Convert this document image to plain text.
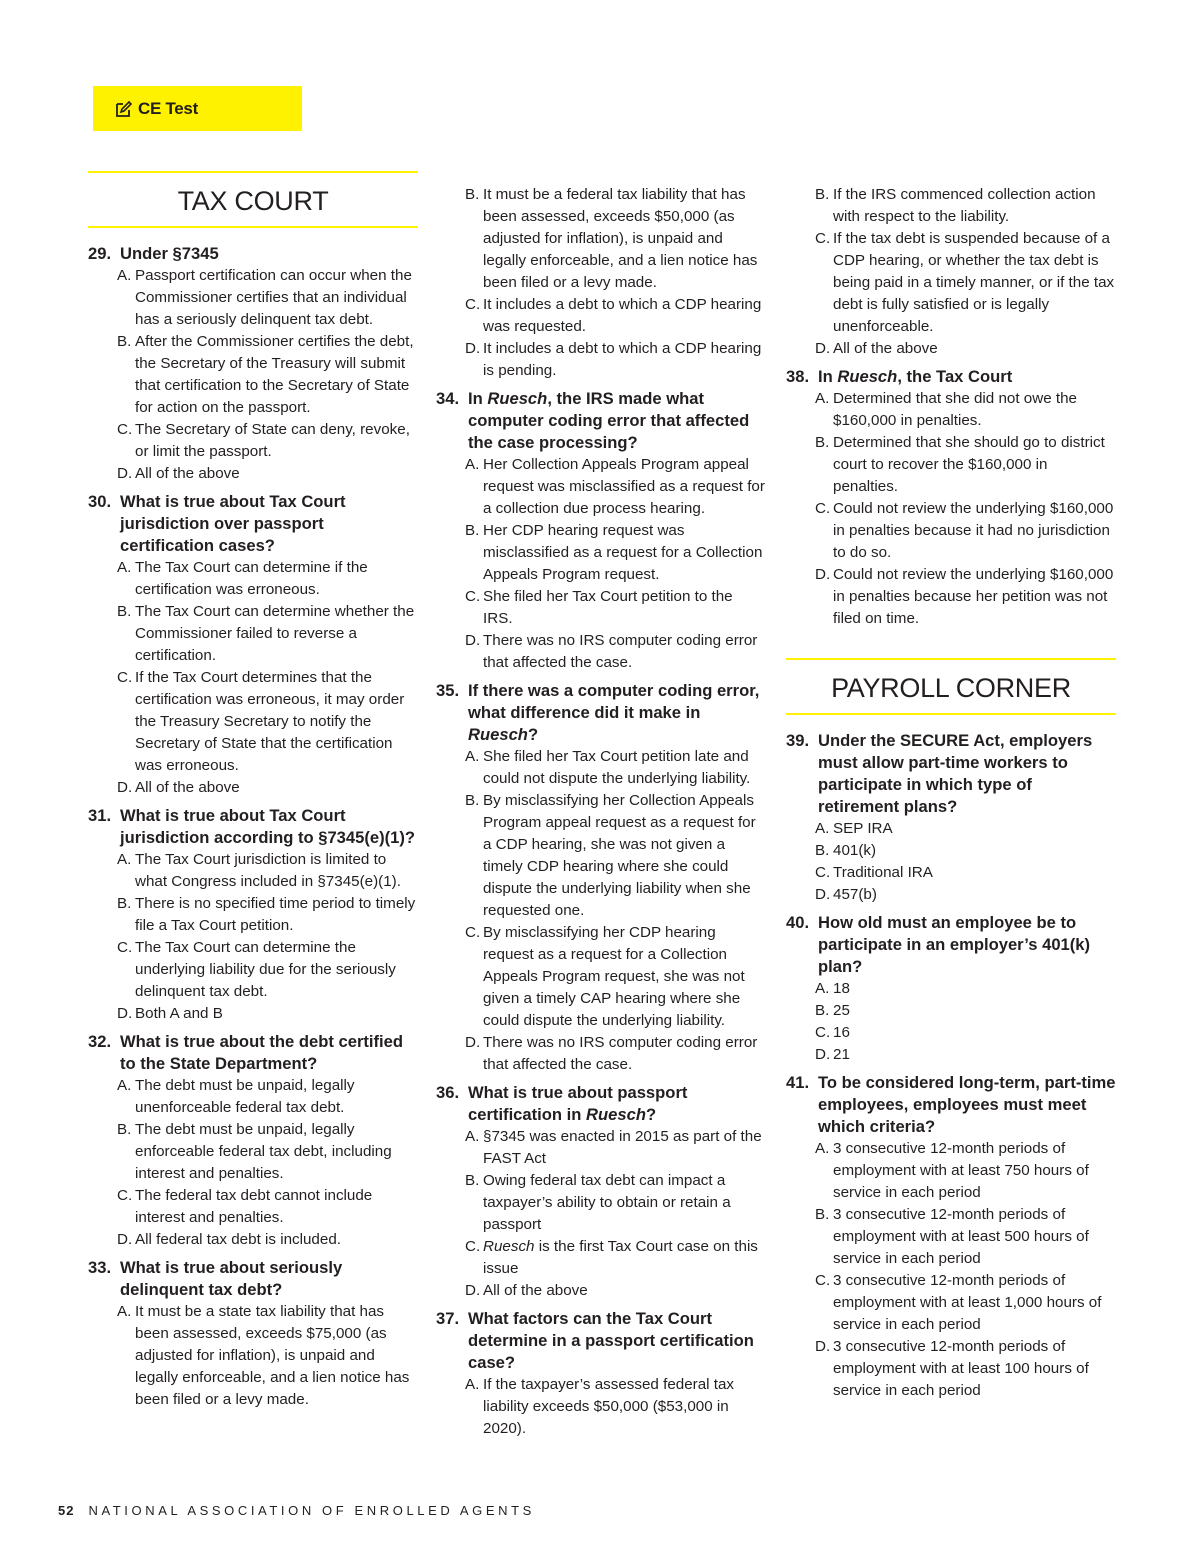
CE Test
TAX COURT
29. Under §7345
A. Passport certification can occur when the Commissioner certifies that an individual has a seriously delinquent tax debt.
B. After the Commissioner certifies the debt, the Secretary of the Treasury will submit that certification to the Secretary of State for action on the passport.
C. The Secretary of State can deny, revoke, or limit the passport.
D. All of the above
30. What is true about Tax Court jurisdiction over passport certification cases?
A. The Tax Court can determine if the certification was erroneous.
B. The Tax Court can determine whether the Commissioner failed to reverse a certification.
C. If the Tax Court determines that the certification was erroneous, it may order the Treasury Secretary to notify the Secretary of State that the certification was erroneous.
D. All of the above
31. What is true about Tax Court jurisdiction according to §7345(e)(1)?
A. The Tax Court jurisdiction is limited to what Congress included in §7345(e)(1).
B. There is no specified time period to timely file a Tax Court petition.
C. The Tax Court can determine the underlying liability due for the seriously delinquent tax debt.
D. Both A and B
32. What is true about the debt certified to the State Department?
A. The debt must be unpaid, legally unenforceable federal tax debt.
B. The debt must be unpaid, legally enforceable federal tax debt, including interest and penalties.
C. The federal tax debt cannot include interest and penalties.
D. All federal tax debt is included.
33. What is true about seriously delinquent tax debt?
A. It must be a state tax liability that has been assessed, exceeds $75,000 (as adjusted for inflation), is unpaid and legally enforceable, and a lien notice has been filed or a levy made.
B. It must be a federal tax liability that has been assessed, exceeds $50,000 (as adjusted for inflation), is unpaid and legally enforceable, and a lien notice has been filed or a levy made.
C. It includes a debt to which a CDP hearing was requested.
D. It includes a debt to which a CDP hearing is pending.
34. In Ruesch, the IRS made what computer coding error that affected the case processing?
A. Her Collection Appeals Program appeal request was misclassified as a request for a collection due process hearing.
B. Her CDP hearing request was misclassified as a request for a Collection Appeals Program request.
C. She filed her Tax Court petition to the IRS.
D. There was no IRS computer coding error that affected the case.
35. If there was a computer coding error, what difference did it make in Ruesch?
A. She filed her Tax Court petition late and could not dispute the underlying liability.
B. By misclassifying her Collection Appeals Program appeal request as a request for a CDP hearing, she was not given a timely CDP hearing where she could dispute the underlying liability when she requested one.
C. By misclassifying her CDP hearing request as a request for a Collection Appeals Program request, she was not given a timely CAP hearing where she could dispute the underlying liability.
D. There was no IRS computer coding error that affected the case.
36. What is true about passport certification in Ruesch?
A. §7345 was enacted in 2015 as part of the FAST Act
B. Owing federal tax debt can impact a taxpayer’s ability to obtain or retain a passport
C. Ruesch is the first Tax Court case on this issue
D. All of the above
37. What factors can the Tax Court determine in a passport certification case?
A. If the taxpayer’s assessed federal tax liability exceeds $50,000 ($53,000 in 2020).
B. If the IRS commenced collection action with respect to the liability.
C. If the tax debt is suspended because of a CDP hearing, or whether the tax debt is being paid in a timely manner, or if the tax debt is fully satisfied or is legally unenforceable.
D. All of the above
38. In Ruesch, the Tax Court
A. Determined that she did not owe the $160,000 in penalties.
B. Determined that she should go to district court to recover the $160,000 in penalties.
C. Could not review the underlying $160,000 in penalties because it had no jurisdiction to do so.
D. Could not review the underlying $160,000 in penalties because her petition was not filed on time.
PAYROLL CORNER
39. Under the SECURE Act, employers must allow part-time workers to participate in which type of retirement plans?
A. SEP IRA
B. 401(k)
C. Traditional IRA
D. 457(b)
40. How old must an employee be to participate in an employer’s 401(k) plan?
A. 18
B. 25
C. 16
D. 21
41. To be considered long-term, part-time employees, employees must meet which criteria?
A. 3 consecutive 12-month periods of employment with at least 750 hours of service in each period
B. 3 consecutive 12-month periods of employment with at least 500 hours of service in each period
C. 3 consecutive 12-month periods of employment with at least 1,000 hours of service in each period
D. 3 consecutive 12-month periods of employment with at least 100 hours of service in each period
52 NATIONAL ASSOCIATION OF ENROLLED AGENTS
